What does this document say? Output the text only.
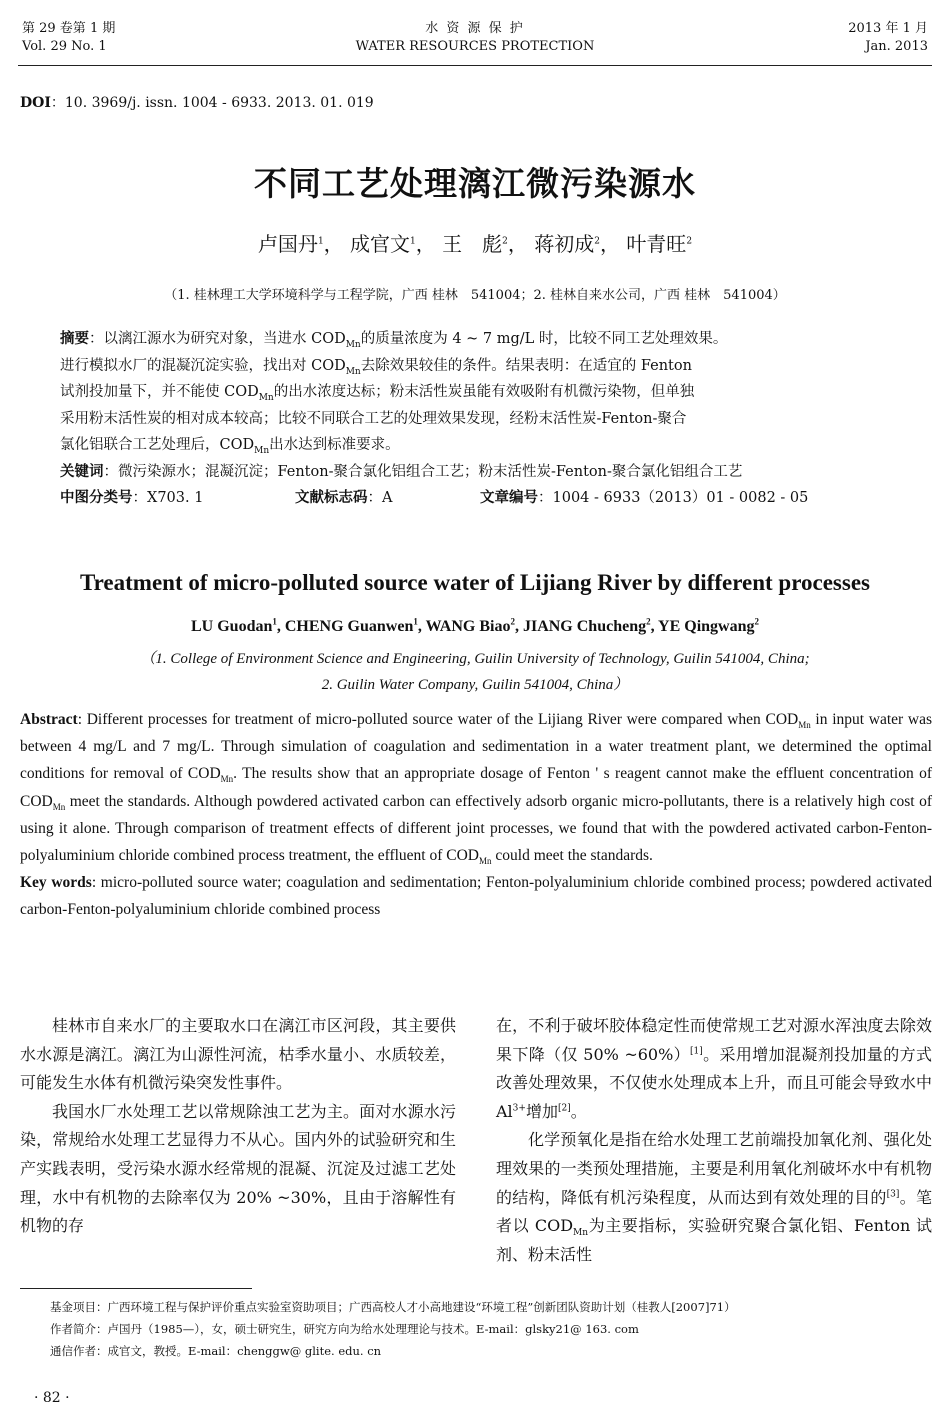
第 29 卷第 1 期
Vol. 29 No. 1
水 资 源 保 护
WATER RESOURCES PROTECTION
2013 年 1 月
Jan. 2013
DOI：10. 3969/j. issn. 1004 - 6933. 2013. 01. 019
不同工艺处理漓江微污染源水
卢国丹$^1$， 成官文$^1$， 王　彪$^2$， 蒋初成$^2$， 叶青旺$^2$
（1. 桂林理工大学环境科学与工程学院，广西 桂林　541004；2. 桂林自来水公司，广西 桂林　541004）
摘要：以漓江源水为研究对象，当进水 $COD_{Mn}$的质量浓度为 4 ~ 7 mg/L 时，比较不同工艺处理效果。
进行模拟水厂的混凝沉淀实验，找出对 $COD_{Mn}$去除效果较佳的条件。结果表明：在适宜的 Fenton
试剂投加量下，并不能使 $COD_{Mn}$的出水浓度达标；粉末活性炭虽能有效吸附有机微污染物，但单独
采用粉末活性炭的相对成本较高；比较不同联合工艺的处理效果发现，经粉末活性炭-Fenton-聚合
氯化铝联合工艺处理后，$COD_{Mn}$出水达到标准要求。
关键词：微污染源水；混凝沉淀；Fenton-聚合氯化铝组合工艺；粉末活性炭-Fenton-聚合氯化铝组合工艺
中图分类号：X703. 1	文献标志码：A	文章编号：1004 - 6933（2013）01 - 0082 - 05
Treatment of micro-polluted source water of Lijiang River by different processes
LU Guodan$^1$, CHENG Guanwen$^1$, WANG Biao$^2$, JIANG Chucheng$^2$, YE Qingwang$^2$
（1. College of Environment Science and Engineering, Guilin University of Technology, Guilin 541004, China;
2. Guilin Water Company, Guilin 541004, China）
Abstract: Different processes for treatment of micro-polluted source water of the Lijiang River were compared when $COD_{Mn}$ in input water was between 4 mg/L and 7 mg/L. Through simulation of coagulation and sedimentation in a water treatment plant, we determined the optimal conditions for removal of $COD_{Mn}$. The results show that an appropriate dosage of Fenton ' s reagent cannot make the effluent concentration of $COD_{Mn}$ meet the standards. Although powdered activated carbon can effectively adsorb organic micro-pollutants, there is a relatively high cost of using it alone. Through comparison of treatment effects of different joint processes, we found that with the powdered activated carbon-Fenton-polyaluminium chloride combined process treatment, the effluent of $COD_{Mn}$ could meet the standards.
Key words: micro-polluted source water; coagulation and sedimentation; Fenton-polyaluminium chloride combined process; powdered activated carbon-Fenton-polyaluminium chloride combined process

桂林市自来水厂的主要取水口在漓江市区河段，其主要供水水源是漓江。漓江为山源性河流，枯季水量小、水质较差，可能发生水体有机微污染突发性事件。

我国水厂水处理工艺以常规除浊工艺为主。面对水源水污染，常规给水处理工艺显得力不从心。国内外的试验研究和生产实践表明，受污染水源水经常规的混凝、沉淀及过滤工艺处理，水中有机物的去除率仅为 20% ~30%，且由于溶解性有机物的存

在，不利于破坏胶体稳定性而使常规工艺对源水浑浊度去除效果下降（仅 50% ~60%）[1]。采用增加混凝剂投加量的方式改善处理效果，不仅使水处理成本上升，而且可能会导致水中 $Al^{3+}$增加[2]。

化学预氧化是指在给水处理工艺前端投加氧化剂、强化处理效果的一类预处理措施，主要是利用氧化剂破坏水中有机物的结构，降低有机污染程度，从而达到有效处理的目的[3]。笔者以 $COD_{Mn}$为主要指标，实验研究聚合氯化铝、Fenton 试剂、粉末活性

基金项目：广西环境工程与保护评价重点实验室资助项目；广西高校人才小高地建设“环境工程”创新团队资助计划（桂教人[2007]71）
作者简介：卢国丹（1985—），女，硕士研究生，研究方向为给水处理理论与技术。E-mail：glsky21@ 163. com
通信作者：成官文，教授。E-mail：chenggw@ glite. edu. cn
· 82 ·
